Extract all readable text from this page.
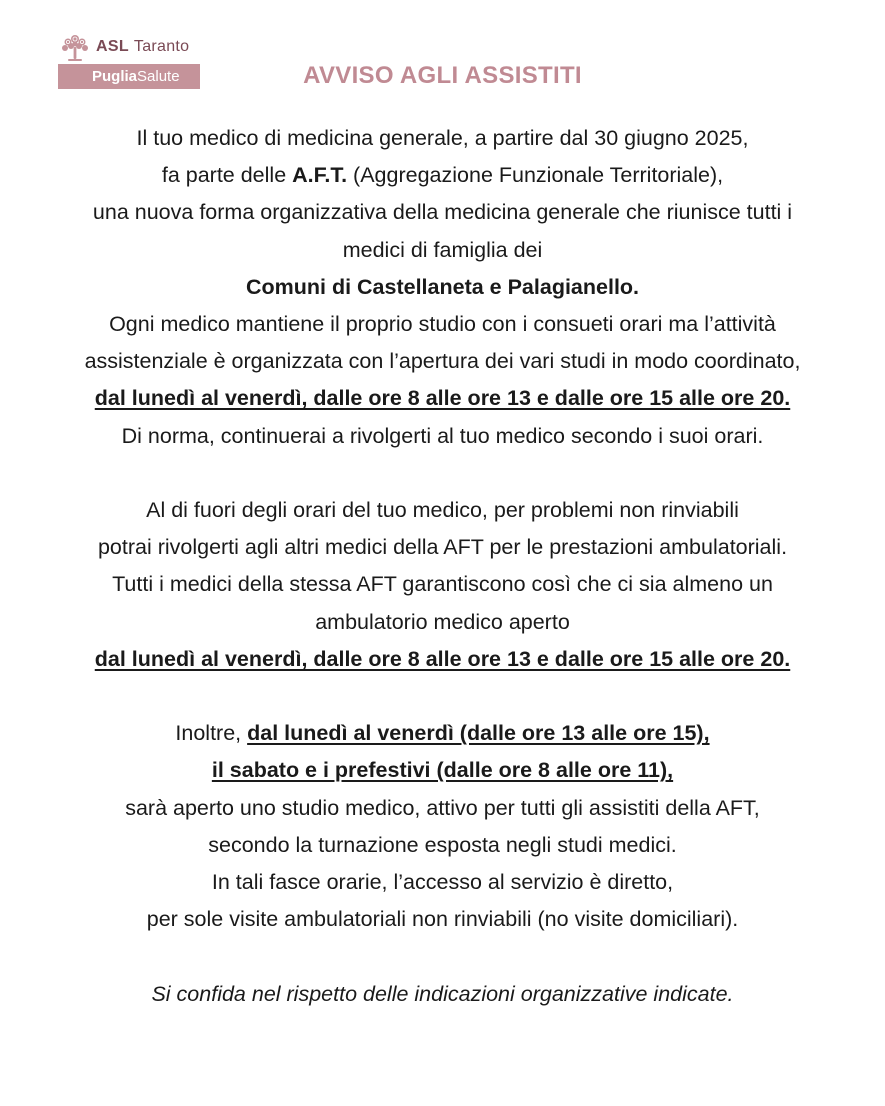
ASL Taranto
PugliaSalute	AVVISO AGLI ASSISTITI
Il tuo medico di medicina generale, a partire dal 30 giugno 2025,
fa parte delle A.F.T. (Aggregazione Funzionale Territoriale),
una nuova forma organizzativa della medicina generale che riunisce tutti i
medici di famiglia dei
Comuni di Castellaneta e Palagianello.
Ogni medico mantiene il proprio studio con i consueti orari ma l’attività
assistenziale è organizzata con l’apertura dei vari studi in modo coordinato,
dal lunedì al venerdì, dalle ore 8 alle ore 13 e dalle ore 15 alle ore 20.
Di norma, continuerai a rivolgerti al tuo medico secondo i suoi orari.
Al di fuori degli orari del tuo medico, per problemi non rinviabili
potrai rivolgerti agli altri medici della AFT per le prestazioni ambulatoriali.
Tutti i medici della stessa AFT garantiscono così che ci sia almeno un
ambulatorio medico aperto
dal lunedì al venerdì, dalle ore 8 alle ore 13 e dalle ore 15 alle ore 20.
Inoltre, dal lunedì al venerdì (dalle ore 13 alle ore 15),
il sabato e i prefestivi (dalle ore 8 alle ore 11),
sarà aperto uno studio medico, attivo per tutti gli assistiti della AFT,
secondo la turnazione esposta negli studi medici.
In tali fasce orarie, l’accesso al servizio è diretto,
per sole visite ambulatoriali non rinviabili (no visite domiciliari).
Si confida nel rispetto delle indicazioni organizzative indicate.
